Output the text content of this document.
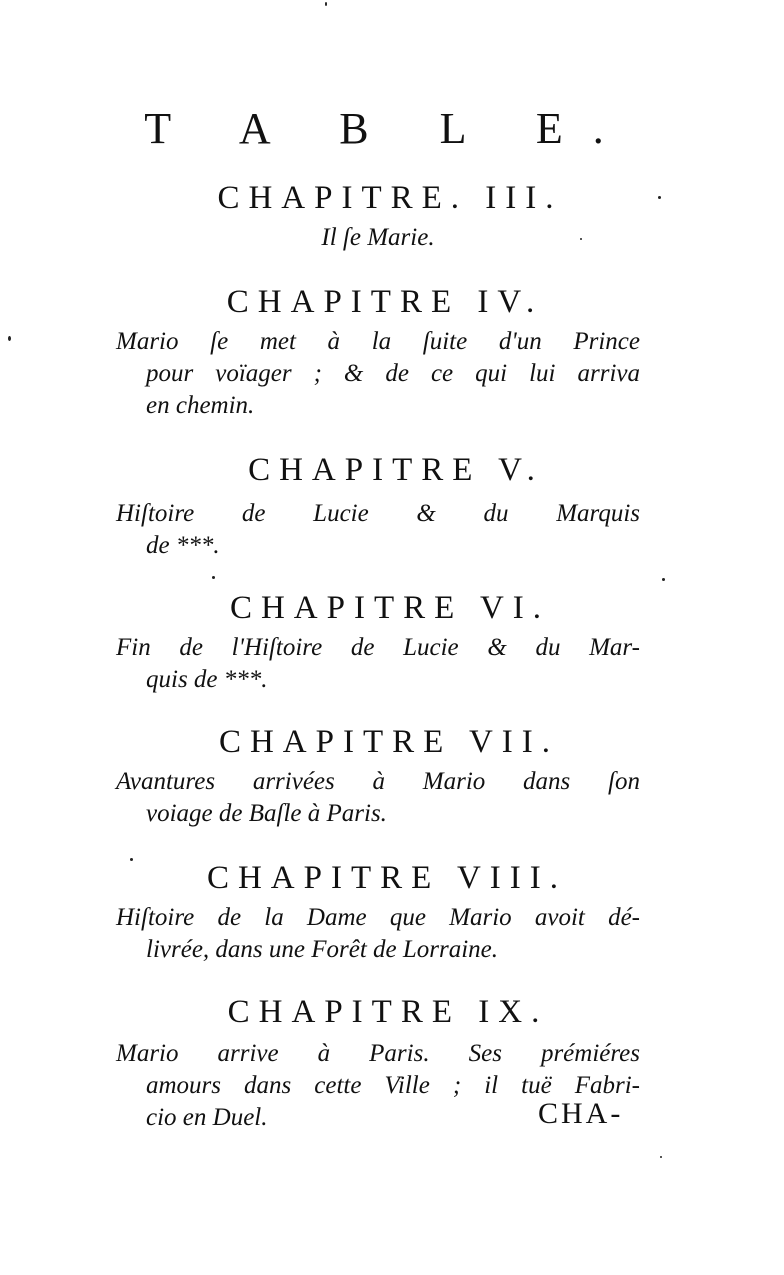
T A B L E.
CHAPITRE. III.
Il ſe Marie.
CHAPITRE IV.
Mario ſe met à la ſuite d'un Prince
pour voïager ; & de ce qui lui arriva
en chemin.
CHAPITRE V.
Hiſtoire de Lucie & du Marquis
de ***.
CHAPITRE VI.
Fin de l'Hiſtoire de Lucie & du Mar-
quis de ***.
CHAPITRE VII.
Avantures arrivées à Mario dans ſon
voiage de Baſle à Paris.
CHAPITRE VIII.
Hiſtoire de la Dame que Mario avoit dé-
livrée, dans une Forêt de Lorraine.
CHAPITRE IX.
Mario arrive à Paris. Ses prémiéres
amours dans cette Ville ; il tuë Fabri-
cio en Duel.	CHA-
